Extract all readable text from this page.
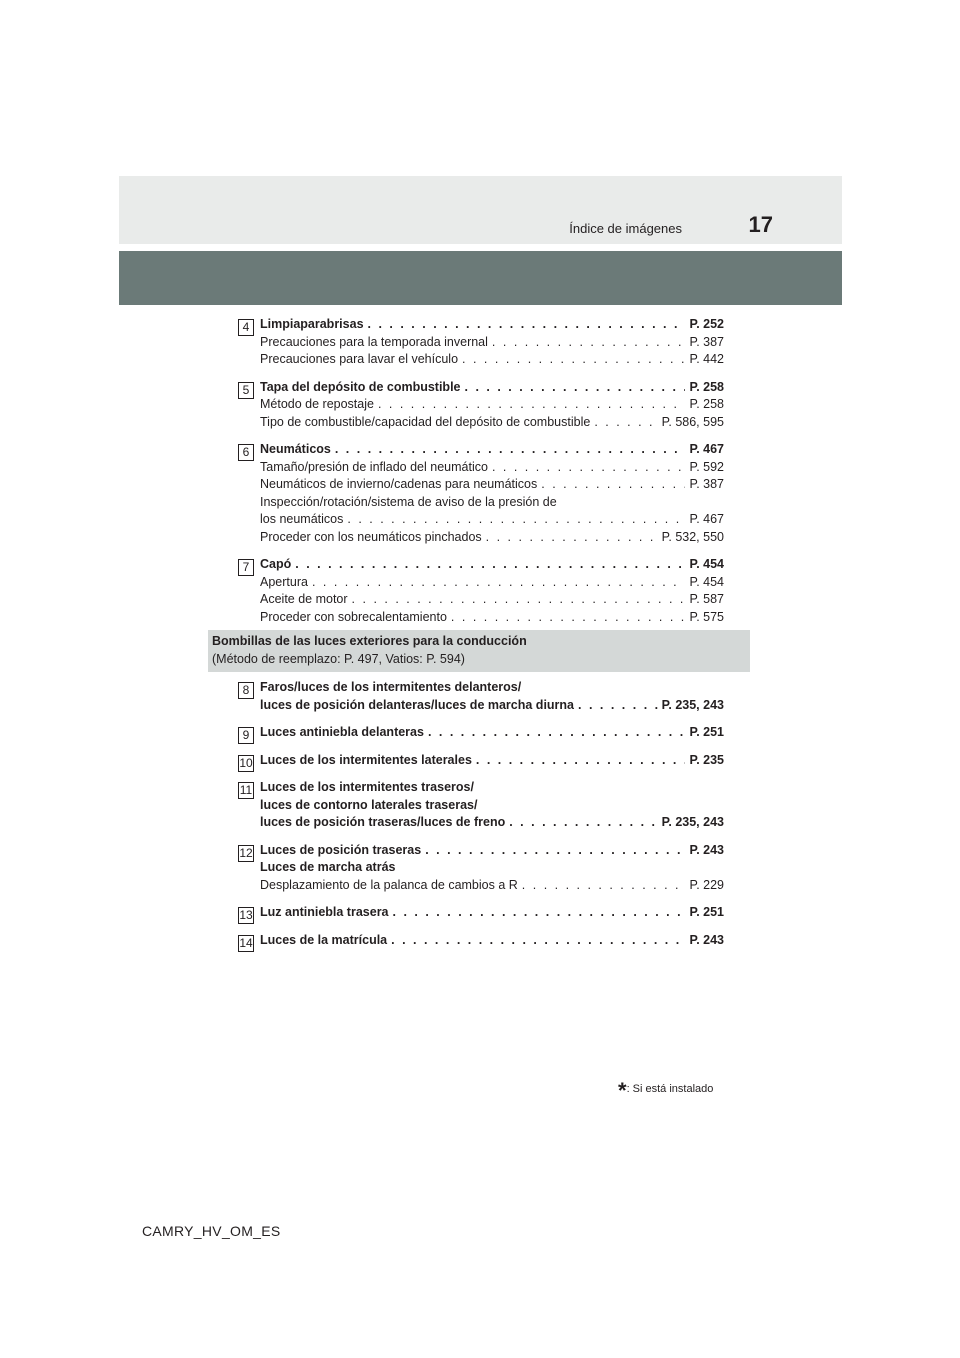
Índice de imágenes	17
4 Limpiaparabrisas . . .	P. 252
Precauciones para la temporada invernal . . .	P. 387
Precauciones para lavar el vehículo . . .	P. 442
5 Tapa del depósito de combustible . . .	P. 258
Método de repostaje . . .	P. 258
Tipo de combustible/capacidad del depósito de combustible . . .	P. 586, 595
6 Neumáticos . . .	P. 467
Tamaño/presión de inflado del neumático . . .	P. 592
Neumáticos de invierno/cadenas para neumáticos . . .	P. 387
Inspección/rotación/sistema de aviso de la presión de
los neumáticos . . .	P. 467
Proceder con los neumáticos pinchados . . .	P. 532, 550
7 Capó . . .	P. 454
Apertura . . .	P. 454
Aceite de motor . . .	P. 587
Proceder con sobrecalentamiento . . .	P. 575
Bombillas de las luces exteriores para la conducción
(Método de reemplazo: P. 497, Vatios: P. 594)
8 Faros/luces de los intermitentes delanteros/
luces de posición delanteras/luces de marcha diurna . . .	P. 235, 243
9 Luces antiniebla delanteras . . .	P. 251
10 Luces de los intermitentes laterales . . .	P. 235
11 Luces de los intermitentes traseros/
luces de contorno laterales traseras/
luces de posición traseras/luces de freno . . .	P. 235, 243
12 Luces de posición traseras . . .	P. 243
Luces de marcha atrás
Desplazamiento de la palanca de cambios a R . . .	P. 229
13 Luz antiniebla trasera . . .	P. 251
14 Luces de la matrícula . . .	P. 243
*: Si está instalado
CAMRY_HV_OM_ES
